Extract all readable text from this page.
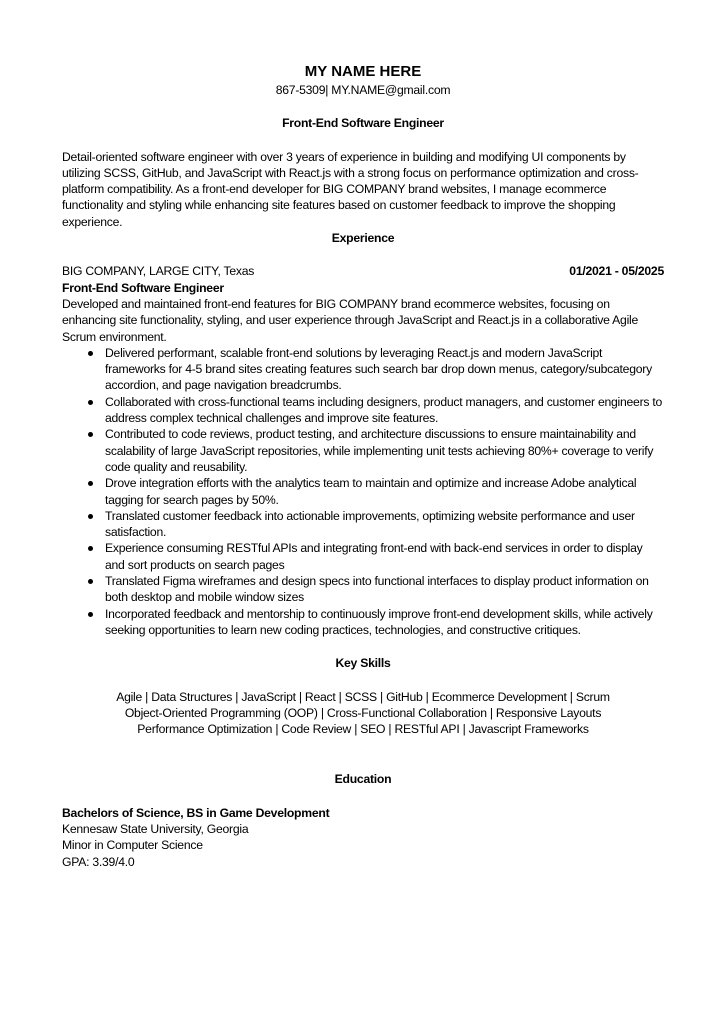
MY NAME HERE

867-5309| MY.NAME@gmail.com

Front-End Software Engineer

Detail-oriented software engineer with over 3 years of experience in building and modifying UI components by utilizing SCSS, GitHub, and JavaScript with React.js with a strong focus on performance optimization and cross-platform compatibility. As a front-end developer for BIG COMPANY brand websites, I manage ecommerce functionality and styling while enhancing site features based on customer feedback to improve the shopping experience.

Experience

BIG COMPANY, LARGE CITY, Texas	01/2021 - 05/2025

Front-End Software Engineer

Developed and maintained front-end features for BIG COMPANY brand ecommerce websites, focusing on enhancing site functionality, styling, and user experience through JavaScript and React.js in a collaborative Agile Scrum environment.

Delivered performant, scalable front-end solutions by leveraging React.js and modern JavaScript frameworks for 4-5 brand sites creating features such search bar drop down menus, category/subcategory accordion, and page navigation breadcrumbs.
Collaborated with cross-functional teams including designers, product managers, and customer engineers to address complex technical challenges and improve site features.
Contributed to code reviews, product testing, and architecture discussions to ensure maintainability and scalability of large JavaScript repositories, while implementing unit tests achieving 80%+ coverage to verify code quality and reusability.
Drove integration efforts with the analytics team to maintain and optimize and increase Adobe analytical tagging for search pages by 50%.
Translated customer feedback into actionable improvements, optimizing website performance and user satisfaction.
Experience consuming RESTful APIs and integrating front-end with back-end services in order to display and sort products on search pages
Translated Figma wireframes and design specs into functional interfaces to display product information on both desktop and mobile window sizes
Incorporated feedback and mentorship to continuously improve front-end development skills, while actively seeking opportunities to learn new coding practices, technologies, and constructive critiques.

Key Skills

Agile | Data Structures | JavaScript | React | SCSS | GitHub | Ecommerce Development | Scrum

Object-Oriented Programming (OOP) | Cross-Functional Collaboration | Responsive Layouts

Performance Optimization | Code Review | SEO | RESTful API | Javascript Frameworks

Education

Bachelors of Science, BS in Game Development

Kennesaw State University, Georgia

Minor in Computer Science

GPA: 3.39/4.0
